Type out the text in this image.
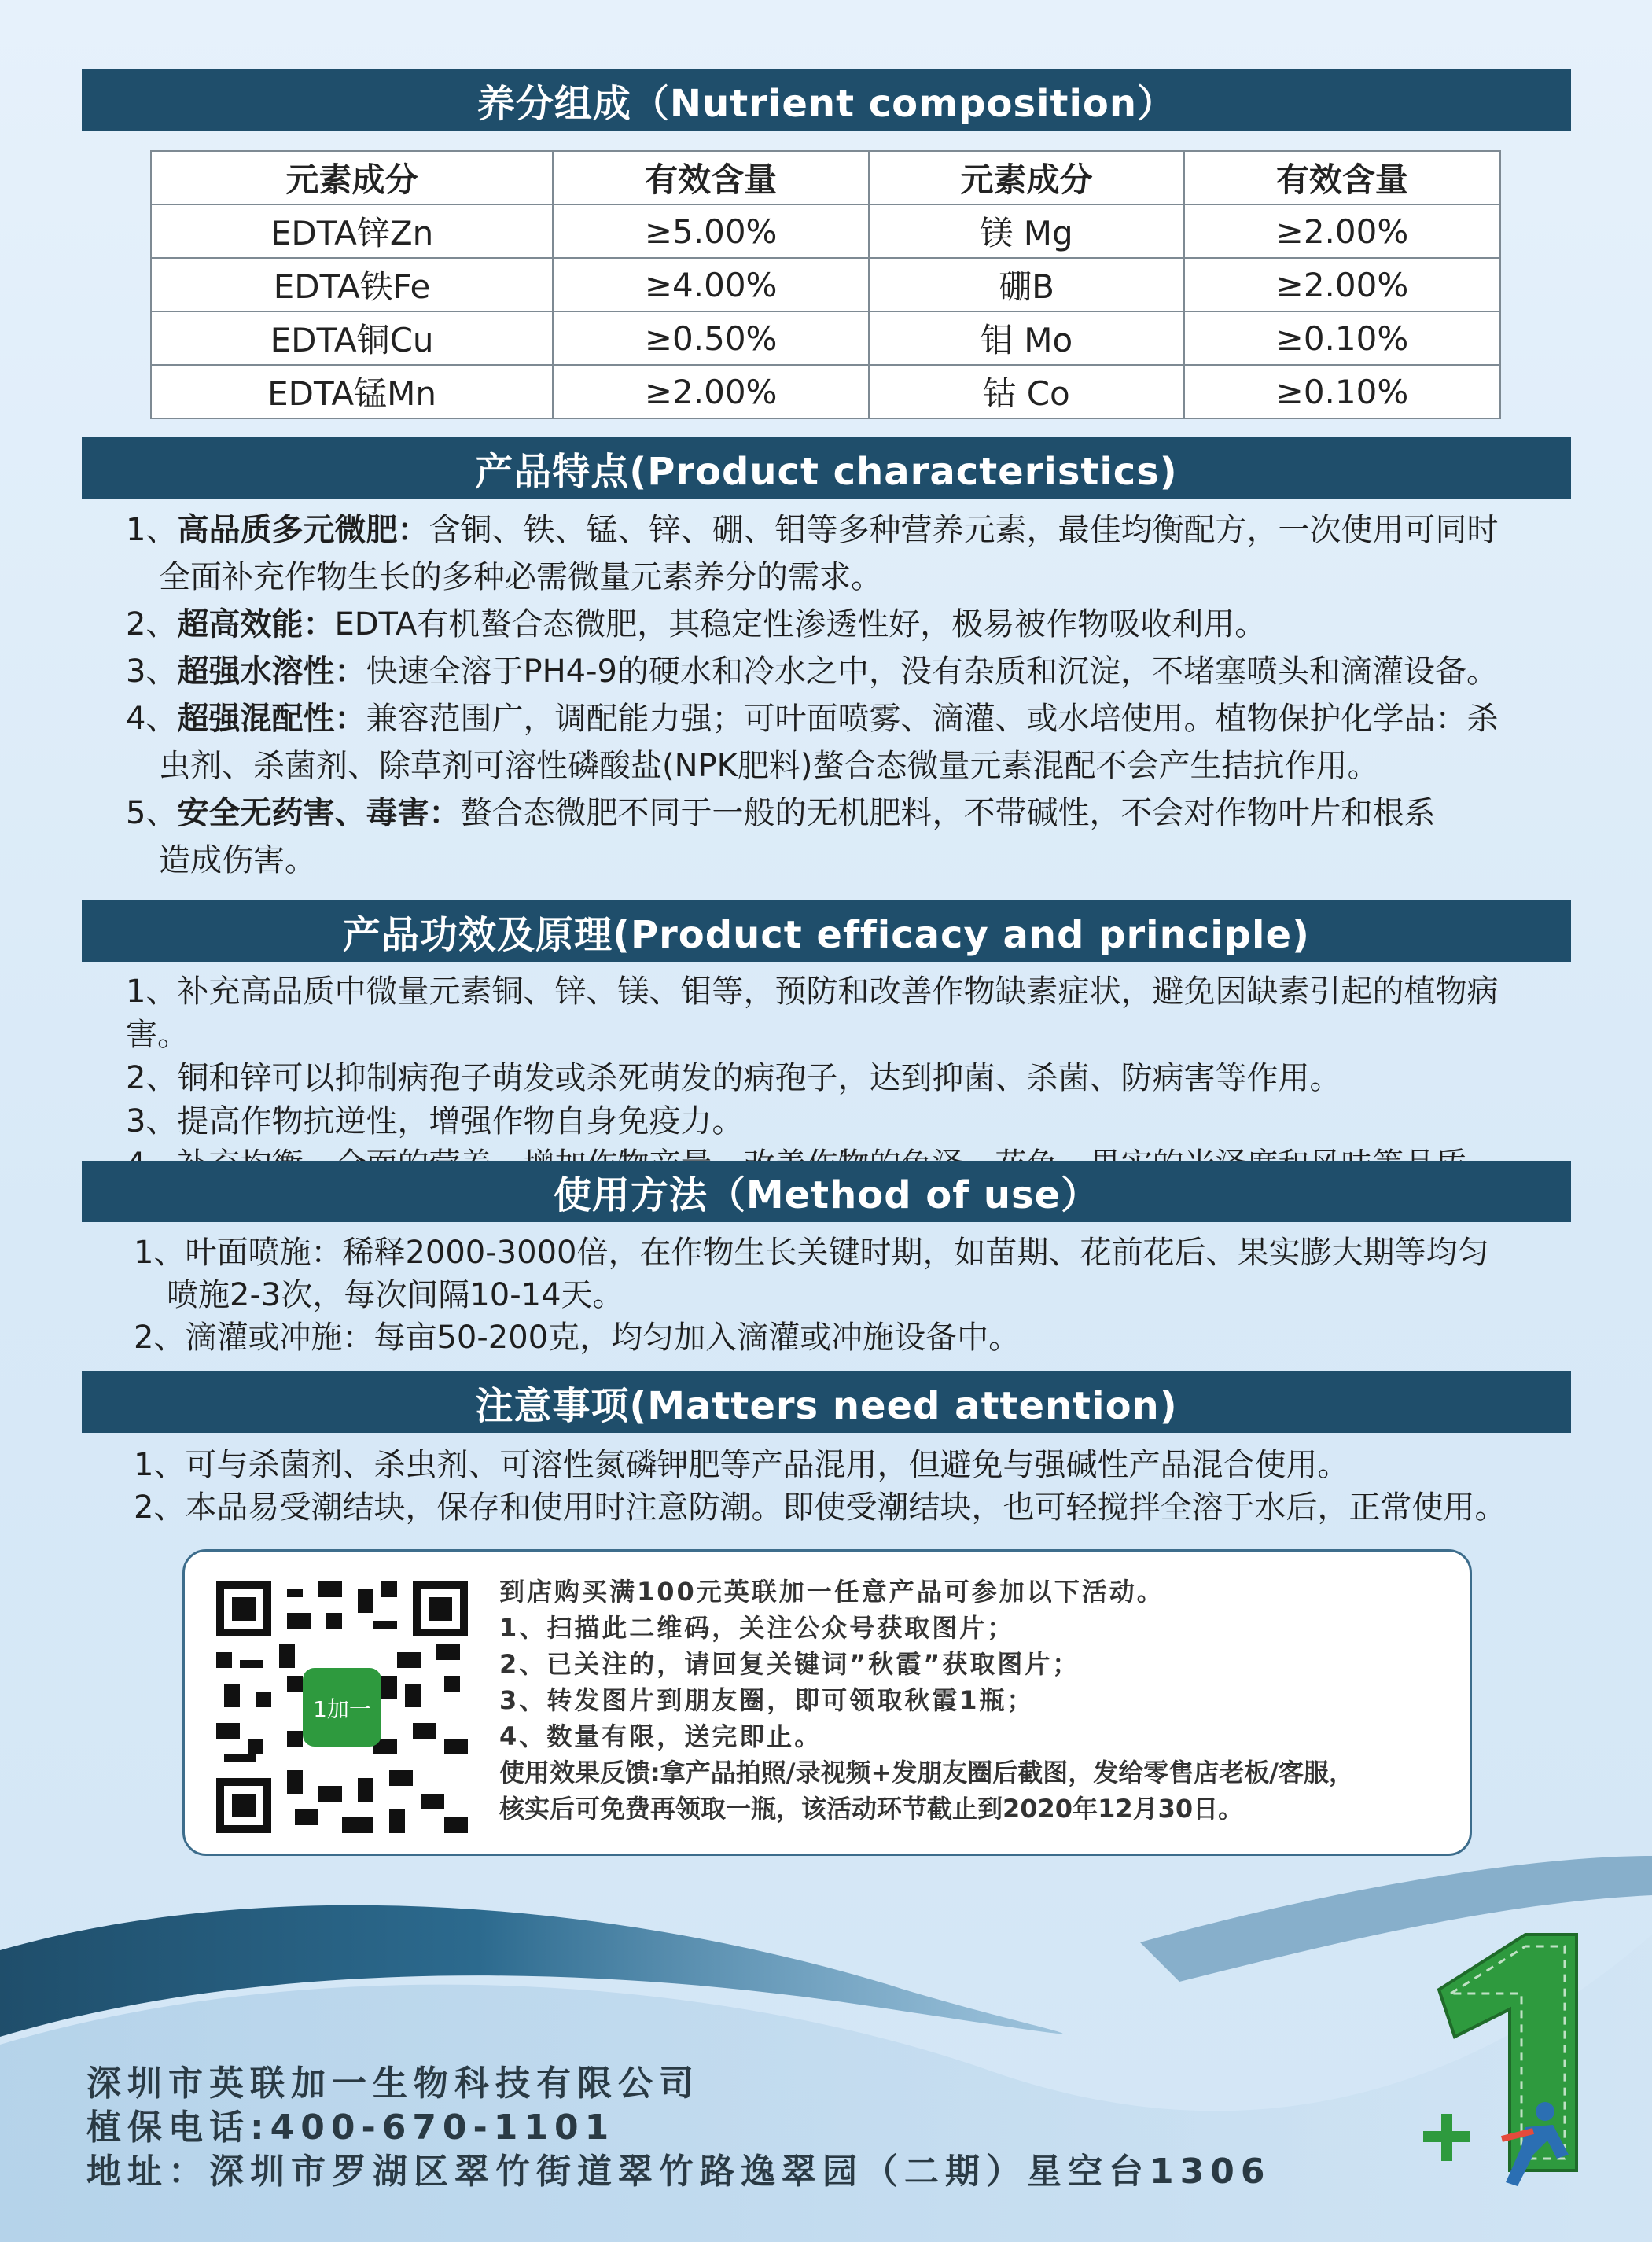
养分组成（Nutrient composition）
元素成分	有效含量	元素成分	有效含量
EDTA锌Zn	≥5.00%	镁 Mg	≥2.00%
EDTA铁Fe	≥4.00%	硼B	≥2.00%
EDTA铜Cu	≥0.50%	钼 Mo	≥0.10%
EDTA锰Mn	≥2.00%	钴 Co	≥0.10%
产品特点(Product characteristics)

1、高品质多元微肥：含铜、铁、锰、锌、硼、钼等多种营养元素，最佳均衡配方，一次使用可同时

全面补充作物生长的多种必需微量元素养分的需求。

2、超高效能：EDTA有机螯合态微肥，其稳定性渗透性好，极易被作物吸收利用。

3、超强水溶性：快速全溶于PH4-9的硬水和冷水之中，没有杂质和沉淀，不堵塞喷头和滴灌设备。

4、超强混配性：兼容范围广，调配能力强；可叶面喷雾、滴灌、或水培使用。植物保护化学品：杀

虫剂、杀菌剂、除草剂可溶性磷酸盐(NPK肥料)螯合态微量元素混配不会产生拮抗作用。

5、安全无药害、毒害：螯合态微肥不同于一般的无机肥料，不带碱性，不会对作物叶片和根系

造成伤害。

产品功效及原理(Product efficacy and principle)

1、补充高品质中微量元素铜、锌、镁、钼等，预防和改善作物缺素症状，避免因缺素引起的植物病害。

2、铜和锌可以抑制病孢子萌发或杀死萌发的病孢子，达到抑菌、杀菌、防病害等作用。

3、提高作物抗逆性，增强作物自身免疫力。

使用方法（Method of use）

1、叶面喷施：稀释2000-3000倍，在作物生长关键时期，如苗期、花前花后、果实膨大期等均匀

喷施2-3次，每次间隔10-14天。

2、滴灌或冲施：每亩50-200克，均匀加入滴灌或冲施设备中。

注意事项(Matters need attention)

1、可与杀菌剂、杀虫剂、可溶性氮磷钾肥等产品混用，但避免与强碱性产品混合使用。

2、本品易受潮结块，保存和使用时注意防潮。即使受潮结块，也可轻搅拌全溶于水后，正常使用。

1加一

到店购买满100元英联加一任意产品可参加以下活动。

1、扫描此二维码，关注公众号获取图片；

2、已关注的，请回复关键词”秋霞”获取图片；

3、转发图片到朋友圈，即可领取秋霞1瓶；

4、数量有限，送完即止。

使用效果反馈:拿产品拍照/录视频+发朋友圈后截图，发给零售店老板/客服，

核实后可免费再领取一瓶，该活动环节截止到2020年12月30日。

深圳市英联加一生物科技有限公司

植保电话:400-670-1101

地址：深圳市罗湖区翠竹街道翠竹路逸翠园（二期）星空台1306
